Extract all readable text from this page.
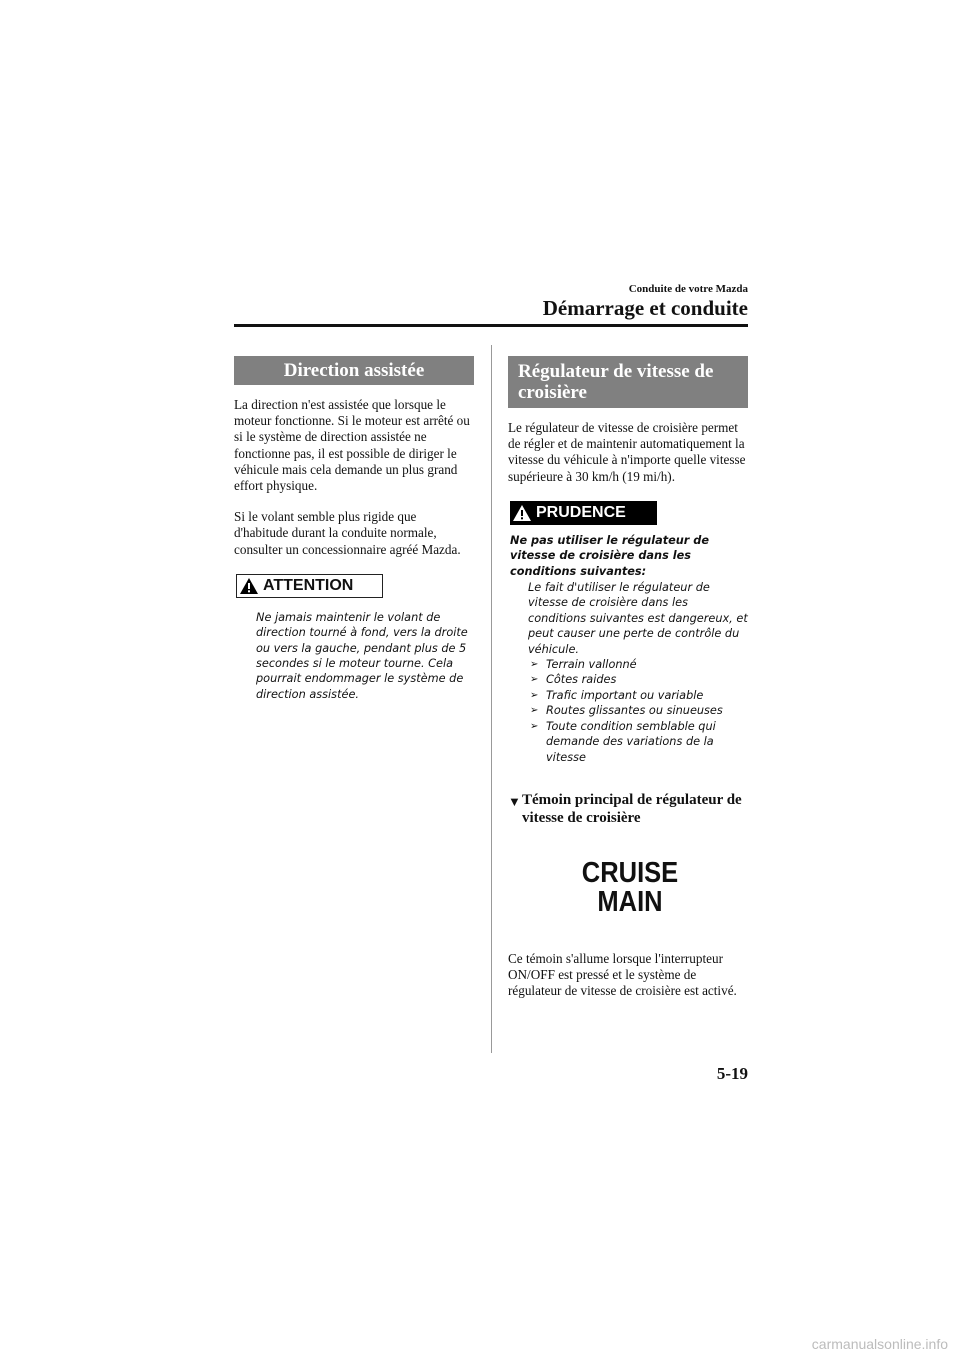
Conduite de votre Mazda
Démarrage et conduite
Direction assistée

La direction n'est assistée que lorsque le moteur fonctionne. Si le moteur est arrêté ou si le système de direction assistée ne fonctionne pas, il est possible de diriger le véhicule mais cela demande un plus grand effort physique.

Si le volant semble plus rigide que d'habitude durant la conduite normale, consulter un concessionnaire agréé Mazda.

ATTENTION

Ne jamais maintenir le volant de direction tourné à fond, vers la droite ou vers la gauche, pendant plus de 5 secondes si le moteur tourne. Cela pourrait endommager le système de direction assistée.

Régulateur de vitesse de croisière

Le régulateur de vitesse de croisière permet de régler et de maintenir automatiquement la vitesse du véhicule à n'importe quelle vitesse supérieure à 30 km/h (19 mi/h).

PRUDENCE

Ne pas utiliser le régulateur de vitesse de croisière dans les conditions suivantes:

Le fait d'utiliser le régulateur de vitesse de croisière dans les conditions suivantes est dangereux, et peut causer une perte de contrôle du véhicule.

➢ Terrain vallonné
➢ Côtes raides
➢ Trafic important ou variable
➢ Routes glissantes ou sinueuses
➢ Toute condition semblable qui demande des variations de la vitesse
▼ Témoin principal de régulateur de vitesse de croisière
CRUISE
MAIN

Ce témoin s'allume lorsque l'interrupteur ON/OFF est pressé et le système de régulateur de vitesse de croisière est activé.

5-19
carmanualsonline.info
